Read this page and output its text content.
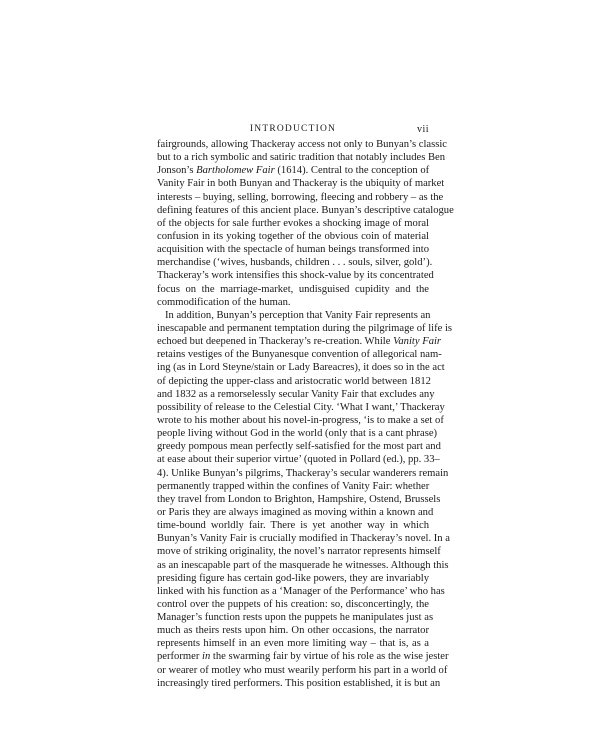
INTRODUCTION	vii
fairgrounds, allowing Thackeray access not only to Bunyan’s classic
but to a rich symbolic and satiric tradition that notably includes Ben
Jonson’s Bartholomew Fair (1614). Central to the conception of
Vanity Fair in both Bunyan and Thackeray is the ubiquity of market
interests – buying, selling, borrowing, fleecing and robbery – as the
defining features of this ancient place. Bunyan’s descriptive catalogue
of the objects for sale further evokes a shocking image of moral
confusion in its yoking together of the obvious coin of material
acquisition with the spectacle of human beings transformed into
merchandise (‘wives, husbands, children . . . souls, silver, gold’).
Thackeray’s work intensifies this shock-value by its concentrated
focus on the marriage-market, undisguised cupidity and the
commodification of the human.
In addition, Bunyan’s perception that Vanity Fair represents an
inescapable and permanent temptation during the pilgrimage of life is
echoed but deepened in Thackeray’s re-creation. While Vanity Fair
retains vestiges of the Bunyanesque convention of allegorical nam-
ing (as in Lord Steyne/stain or Lady Bareacres), it does so in the act
of depicting the upper-class and aristocratic world between 1812
and 1832 as a remorselessly secular Vanity Fair that excludes any
possibility of release to the Celestial City. ‘What I want,’ Thackeray
wrote to his mother about his novel-in-progress, ‘is to make a set of
people living without God in the world (only that is a cant phrase)
greedy pompous mean perfectly self-satisfied for the most part and
at ease about their superior virtue’ (quoted in Pollard (ed.), pp. 33–
4). Unlike Bunyan’s pilgrims, Thackeray’s secular wanderers remain
permanently trapped within the confines of Vanity Fair: whether
they travel from London to Brighton, Hampshire, Ostend, Brussels
or Paris they are always imagined as moving within a known and
time-bound worldly fair. There is yet another way in which
Bunyan’s Vanity Fair is crucially modified in Thackeray’s novel. In a
move of striking originality, the novel’s narrator represents himself
as an inescapable part of the masquerade he witnesses. Although this
presiding figure has certain god-like powers, they are invariably
linked with his function as a ‘Manager of the Performance’ who has
control over the puppets of his creation: so, disconcertingly, the
Manager’s function rests upon the puppets he manipulates just as
much as theirs rests upon him. On other occasions, the narrator
represents himself in an even more limiting way – that is, as a
performer in the swarming fair by virtue of his role as the wise jester
or wearer of motley who must wearily perform his part in a world of
increasingly tired performers. This position established, it is but an
